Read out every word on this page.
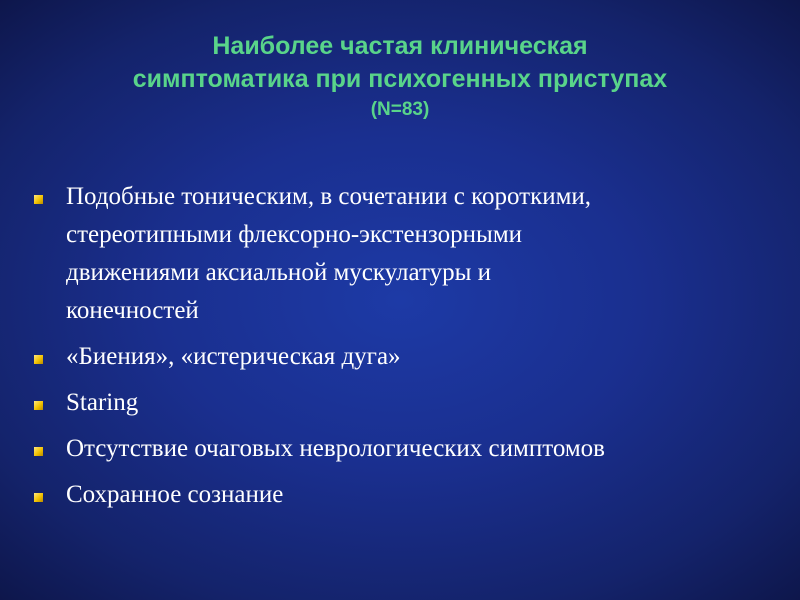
Наиболее частая клиническая
симптоматика при психогенных приступах
(N=83)
Подобные тоническим, в сочетании с короткими,
стереотипными флексорно-экстензорными
движениями аксиальной мускулатуры и
конечностей
«Биения», «истерическая дуга»
Staring
Отсутствие очаговых неврологических симптомов
Сохранное сознание
